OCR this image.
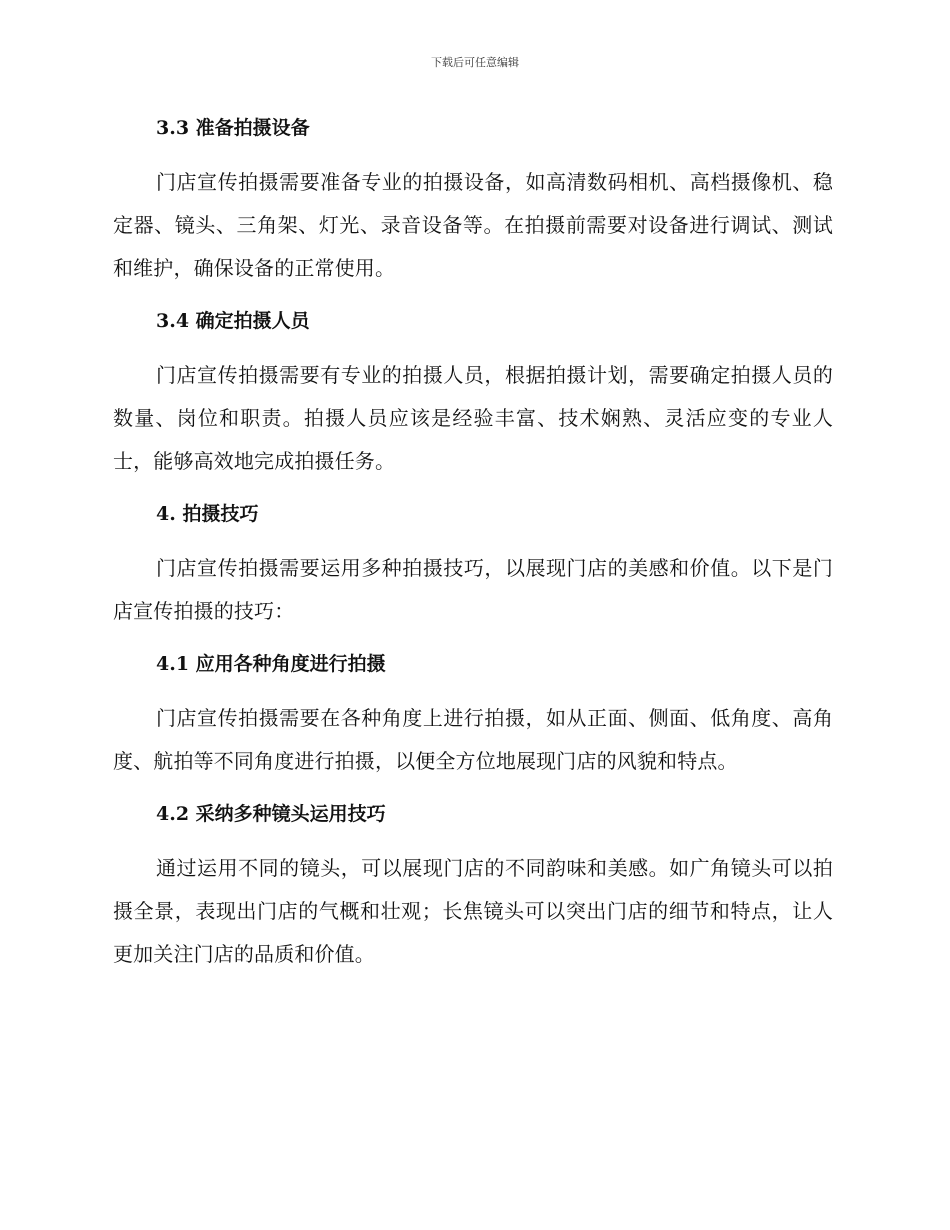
下载后可任意编辑
3.3 准备拍摄设备

门店宣传拍摄需要准备专业的拍摄设备，如高清数码相机、高档摄像机、稳定器、镜头、三角架、灯光、录音设备等。在拍摄前需要对设备进行调试、测试和维护，确保设备的正常使用。

3.4 确定拍摄人员

门店宣传拍摄需要有专业的拍摄人员，根据拍摄计划，需要确定拍摄人员的数量、岗位和职责。拍摄人员应该是经验丰富、技术娴熟、灵活应变的专业人士，能够高效地完成拍摄任务。

4. 拍摄技巧

门店宣传拍摄需要运用多种拍摄技巧，以展现门店的美感和价值。以下是门店宣传拍摄的技巧：

4.1 应用各种角度进行拍摄

门店宣传拍摄需要在各种角度上进行拍摄，如从正面、侧面、低角度、高角度、航拍等不同角度进行拍摄，以便全方位地展现门店的风貌和特点。

4.2 采纳多种镜头运用技巧

通过运用不同的镜头，可以展现门店的不同韵味和美感。如广角镜头可以拍摄全景，表现出门店的气概和壮观；长焦镜头可以突出门店的细节和特点，让人更加关注门店的品质和价值。
